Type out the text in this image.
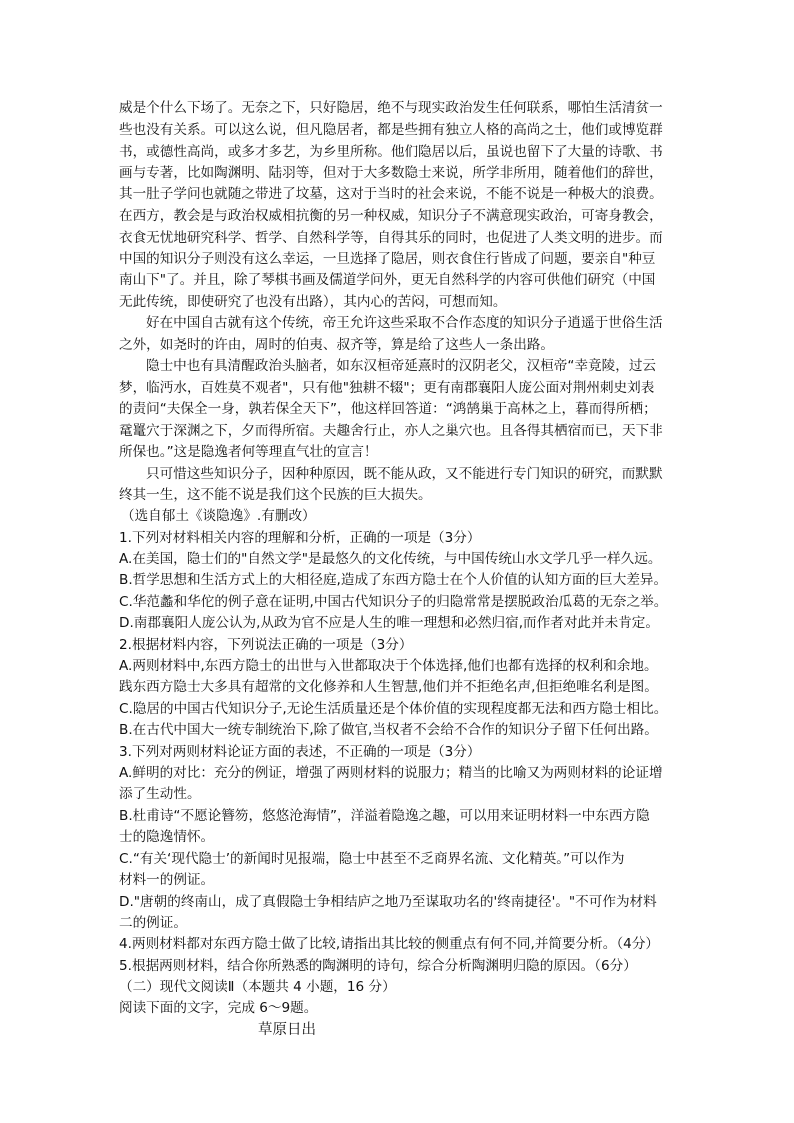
威是个什么下场了。无奈之下，只好隐居，绝不与现实政治发生任何联系，哪怕生活清贫一
些也没有关系。可以这么说，但凡隐居者，都是些拥有独立人格的高尚之士，他们或博览群
书，或德性高尚，或多才多艺，为乡里所称。他们隐居以后，虽说也留下了大量的诗歌、书
画与专著，比如陶渊明、陆羽等，但对于大多数隐士来说，所学非所用，随着他们的辞世，
其一肚子学问也就随之带进了坟墓，这对于当时的社会来说，不能不说是一种极大的浪费。
在西方，教会是与政治权威相抗衡的另一种权威，知识分子不满意现实政治，可寄身教会，
衣食无忧地研究科学、哲学、自然科学等，自得其乐的同时，也促进了人类文明的进步。而
中国的知识分子则没有这么幸运，一旦选择了隐居，则衣食住行皆成了问题，要亲自"种豆
南山下"了。并且，除了琴棋书画及儒道学问外，更无自然科学的内容可供他们研究（中国
无此传统，即使研究了也没有出路），其内心的苦闷，可想而知。
好在中国自古就有这个传统，帝王允许这些采取不合作态度的知识分子逍遥于世俗生活
之外，如尧时的许由，周时的伯夷、叔齐等，算是给了这些人一条出路。
隐士中也有具清醒政治头脑者，如东汉桓帝延熹时的汉阴老父，汉桓帝“幸竟陵，过云
梦，临沔水，百姓莫不观者"，只有他"独耕不辍"；更有南郡襄阳人庞公面对荆州刺史刘表
的责问“夫保全一身，孰若保全天下”，他这样回答道：“鸿鹄巢于高林之上，暮而得所栖；
鼋鼍穴于深渊之下，夕而得所宿。夫趣舍行止，亦人之巢穴也。且各得其栖宿而已，天下非
所保也。”这是隐逸者何等理直气壮的宣言！
只可惜这些知识分子，因种种原因，既不能从政，又不能进行专门知识的研究，而默默
终其一生，这不能不说是我们这个民族的巨大损失。
（选自郁土《谈隐逸》.有删改）
1.下列对材料相关内容的理解和分析，正确的一项是（3分）
A.在美国，隐士们的"自然文学"是最悠久的文化传统，与中国传统山水文学几乎一样久远。
B.哲学思想和生活方式上的大相径庭,造成了东西方隐士在个人价值的认知方面的巨大差异。
C.华范蠡和华佗的例子意在证明,中国古代知识分子的归隐常常是摆脱政治瓜葛的无奈之举。
D.南郡襄阳人庞公认为,从政为官不应是人生的唯一理想和必然归宿,而作者对此并未肯定。
2.根据材料内容，下列说法正确的一项是（3分）
A.两则材料中,东西方隐士的出世与入世都取决于个体选择,他们也都有选择的权利和余地。
践东西方隐士大多具有超常的文化修养和人生智慧,他们并不拒绝名声,但拒绝唯名利是图。
C.隐居的中国古代知识分子,无论生活质量还是个体价值的实现程度都无法和西方隐士相比。
B.在古代中国大一统专制统治下,除了做官,当权者不会给不合作的知识分子留下任何出路。
3.下列对两则材料论证方面的表述，不正确的一项是（3分）
A.鲜明的对比：充分的例证，增强了两则材料的说服力；精当的比喻又为两则材料的论证增
添了生动性。
B.杜甫诗“不愿论簪笏，悠悠沧海情”，洋溢着隐逸之趣，可以用来证明材料一中东西方隐
士的隐逸情怀。
C.“有关‘现代隐士’的新闻时见报端，隐士中甚至不乏商界名流、文化精英。”可以作为
材料一的例证。
D."唐朝的终南山，成了真假隐士争相结庐之地乃至谋取功名的'终南捷径'。"不可作为材料
二的例证。
4.两则材料都对东西方隐士做了比较,请指出其比较的侧重点有何不同,并简要分析。（4分）
5.根据两则材料，结合你所熟悉的陶渊明的诗句，综合分析陶渊明归隐的原因。（6分）
（二）现代文阅读Ⅱ（本题共 4 小题，16 分）
阅读下面的文字，完成 6～9题。
草原日出
